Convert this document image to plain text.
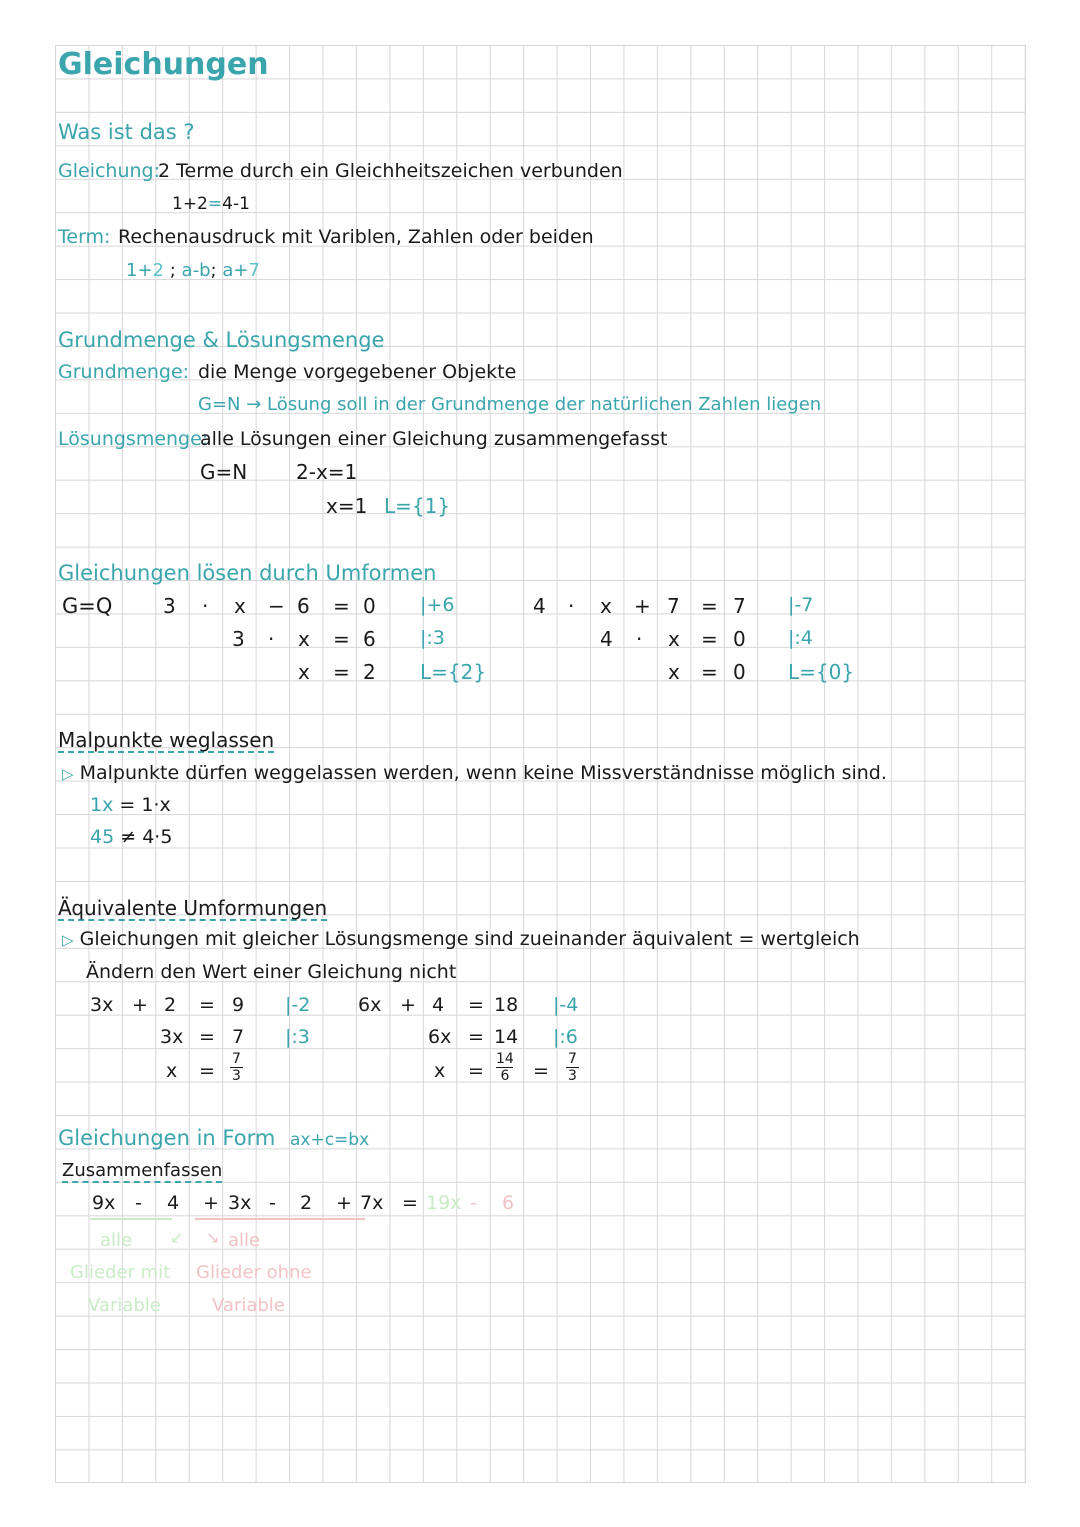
Gleichungen
Was ist das ?
Gleichung:
2 Terme durch ein Gleichheitszeichen verbunden
1+2=4-1
Term: Rechenausdruck mit Variblen, Zahlen oder beiden
1+2 ; a-b; a+7
Grundmenge & Lösungsmenge
Grundmenge: die Menge vorgegebener Objekte
G=N → Lösung soll in der Grundmenge der natürlichen Zahlen liegen
Lösungsmenge:
alle Lösungen einer Gleichung zusammengefasst
G=N 2-x=1
x=1 L={1}
Gleichungen lösen durch Umformen
G=Q	3 · x − 6 = 0 |+6
3 · x = 6 |:3
x = 2 L={2}
4 · x + 7 = 7 |-7
4 · x = 0 |:4
x = 0 L={0}
Malpunkte weglassen
▷ Malpunkte dürfen weggelassen werden, wenn keine Missverständnisse möglich sind.
1x = 1·x
45 ≠ 4·5
Äquivalente Umformungen
▷ Gleichungen mit gleicher Lösungsmenge sind zueinander äquivalent = wertgleich
Ändern den Wert einer Gleichung nicht
3x + 2 = 9 |-2
3x = 7 |:3
x =
7
3
6x + 4 = 18 |-4
6x = 14 |:6
x =
14
6 =
7
3
Gleichungen in Form ax+c=bx
Zusammenfassen
9x - 4 + 3x - 2 + 7x = 19x - 6
alle ↙ ↘ alle
Glieder mit Glieder ohne
Variable	Variable
